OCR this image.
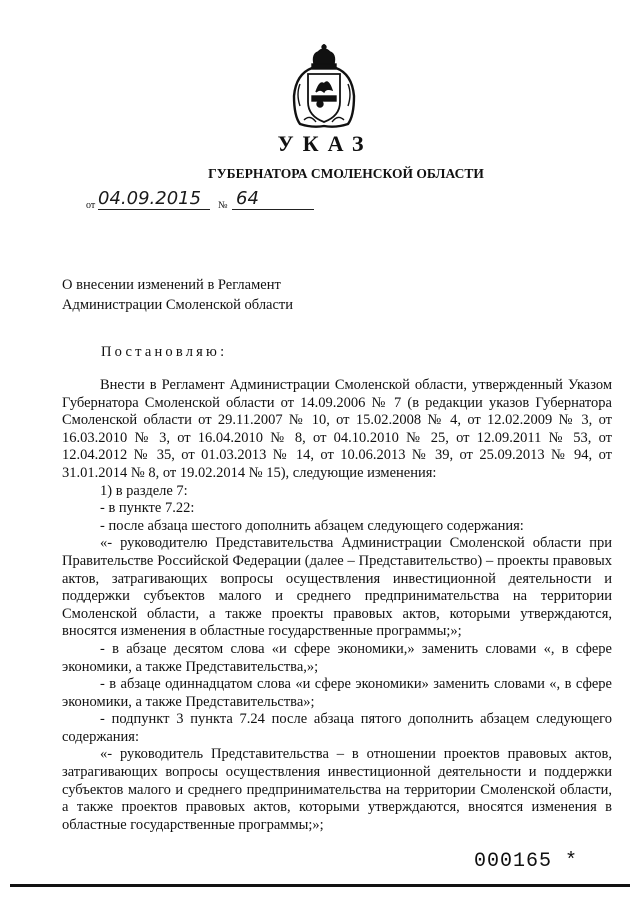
УКАЗ
ГУБЕРНАТОРА СМОЛЕНСКОЙ ОБЛАСТИ
от 04.09.2015 № 64
О внесении изменений в Регламент
Администрации Смоленской области
Постановляю:

Внести в Регламент Администрации Смоленской области, утвержденный Указом Губернатора Смоленской области от 14.09.2006 № 7 (в редакции указов Губернатора Смоленской области от 29.11.2007 № 10, от 15.02.2008 № 4, от 12.02.2009 № 3, от 16.03.2010 № 3, от 16.04.2010 № 8, от 04.10.2010 № 25, от 12.09.2011 № 53, от 12.04.2012 № 35, от 01.03.2013 № 14, от 10.06.2013 № 39, от 25.09.2013 № 94, от 31.01.2014 № 8, от 19.02.2014 № 15), следующие изменения:

1) в разделе 7:

- в пункте 7.22:

- после абзаца шестого дополнить абзацем следующего содержания:

«- руководителю Представительства Администрации Смоленской области при Правительстве Российской Федерации (далее – Представительство) – проекты правовых актов, затрагивающих вопросы осуществления инвестиционной деятельности и поддержки субъектов малого и среднего предпринимательства на территории Смоленской области, а также проекты правовых актов, которыми утверждаются, вносятся изменения в областные государственные программы;»;

- в абзаце десятом слова «и сфере экономики,» заменить словами «, в сфере экономики, а также Представительства,»;

- в абзаце одиннадцатом слова «и сфере экономики» заменить словами «, в сфере экономики, а также Представительства»;

- подпункт 3 пункта 7.24 после абзаца пятого дополнить абзацем следующего содержания:

«- руководитель Представительства – в отношении проектов правовых актов, затрагивающих вопросы осуществления инвестиционной деятельности и поддержки субъектов малого и среднего предпринимательства на территории Смоленской области, а также проектов правовых актов, которыми утверждаются, вносятся изменения в областные государственные программы;»;

000165 *
